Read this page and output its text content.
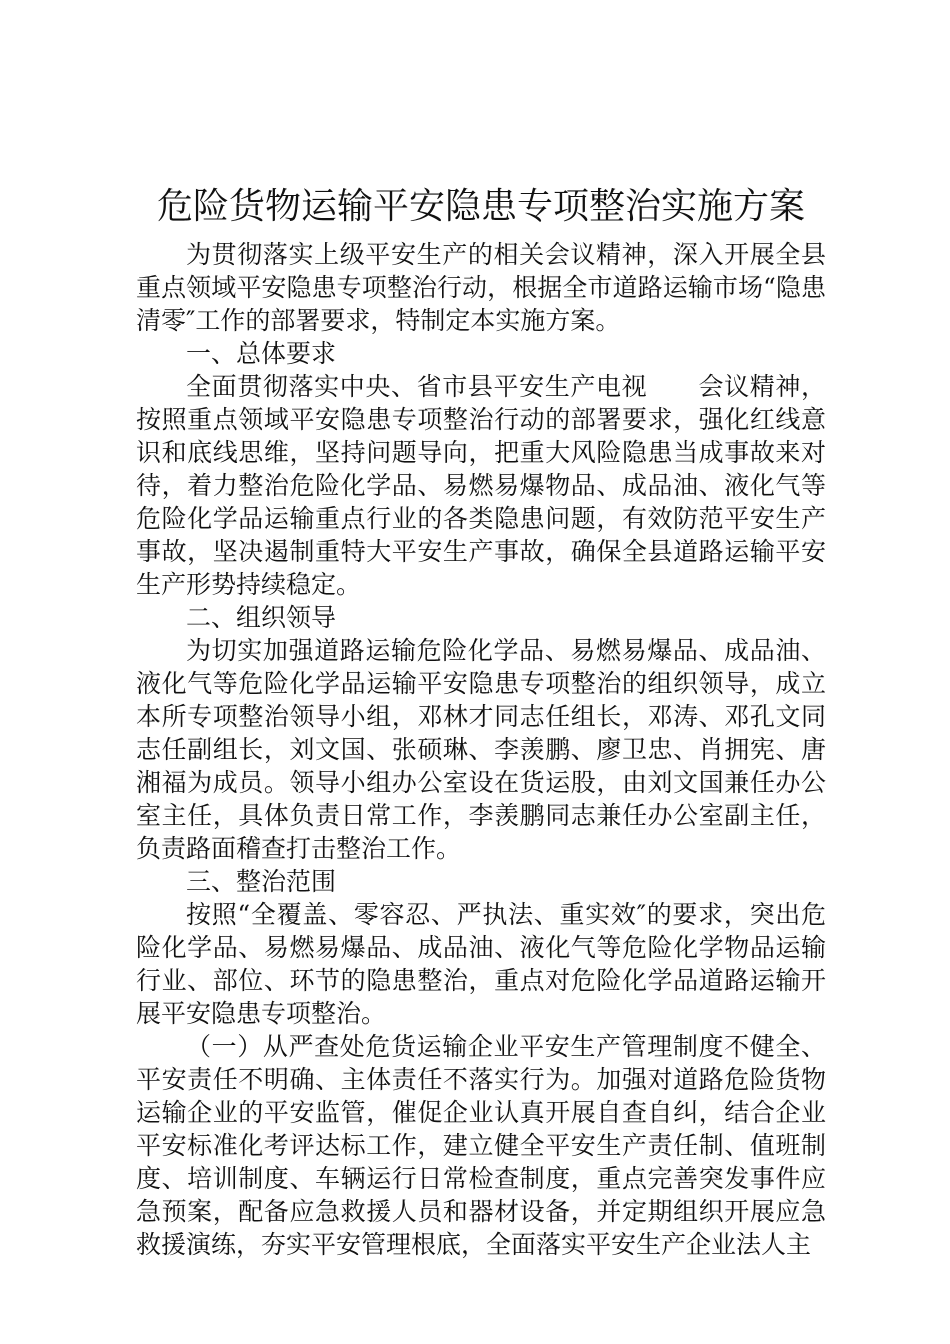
危险货物运输平安隐患专项整治实施方案

为贯彻落实上级平安生产的相关会议精神，深入开展全县重点领域平安隐患专项整治行动，根据全市道路运输市场“隐患清零″工作的部署要求，特制定本实施方案。

一、总体要求

全面贯彻落实中央、省市县平安生产电视　　会议精神，按照重点领域平安隐患专项整治行动的部署要求，强化红线意识和底线思维，坚持问题导向，把重大风险隐患当成事故来对待，着力整治危险化学品、易燃易爆物品、成品油、液化气等危险化学品运输重点行业的各类隐患问题，有效防范平安生产事故，坚决遏制重特大平安生产事故，确保全县道路运输平安生产形势持续稳定。

二、组织领导

为切实加强道路运输危险化学品、易燃易爆品、成品油、液化气等危险化学品运输平安隐患专项整治的组织领导，成立本所专项整治领导小组，邓林才同志任组长，邓涛、邓孔文同志任副组长，刘文国、张硕琳、李羡鹏、廖卫忠、肖拥宪、唐湘福为成员。领导小组办公室设在货运股，由刘文国兼任办公室主任，具体负责日常工作，李羡鹏同志兼任办公室副主任，负责路面稽查打击整治工作。

三、整治范围

按照“全覆盖、零容忍、严执法、重实效″的要求，突出危险化学品、易燃易爆品、成品油、液化气等危险化学物品运输行业、部位、环节的隐患整治，重点对危险化学品道路运输开展平安隐患专项整治。

（一）从严查处危货运输企业平安生产管理制度不健全、平安责任不明确、主体责任不落实行为。加强对道路危险货物运输企业的平安监管，催促企业认真开展自查自纠，结合企业平安标准化考评达标工作，建立健全平安生产责任制、值班制度、培训制度、车辆运行日常检查制度，重点完善突发事件应急预案，配备应急救援人员和器材设备，并定期组织开展应急救援演练，夯实平安管理根底，全面落实平安生产企业法人主
